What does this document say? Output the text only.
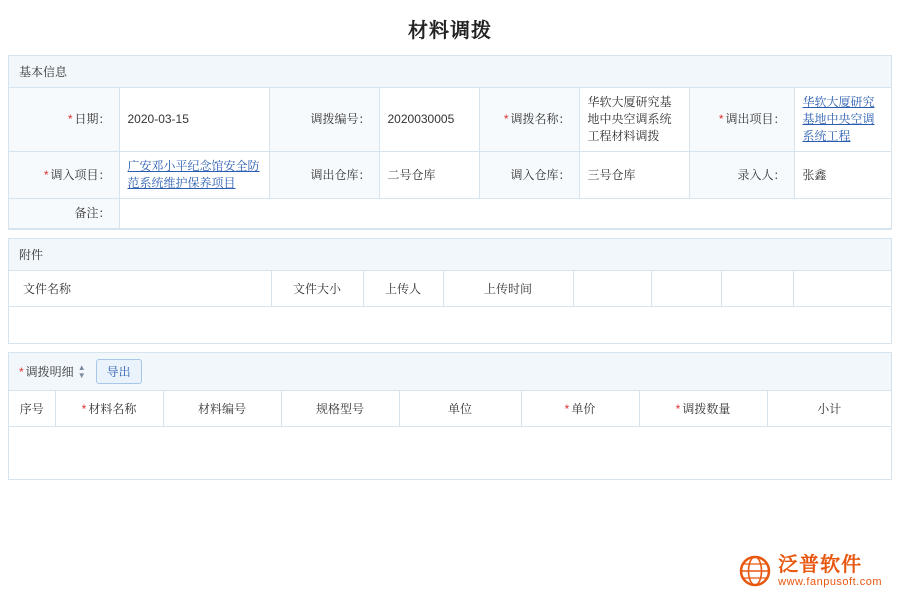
材料调拨
基本信息
* 日期：	2020-03-15	调拨编号：	2020030005	* 调拨名称：	华软大厦研究基地中央空调系统工程材料调拨	* 调出项目：	华软大厦研究基地中央空调系统工程
* 调入项目：	广安邓小平纪念馆安全防范系统维护保养项目	调出仓库：	二号仓库	调入仓库：	三号仓库	录入人：	张鑫
备注：							
附件
文件名称	文件大小	上传人	上传时间				
* 调拨明细 ▲
▼	导出
序号	* 材料名称	材料编号	规格型号	单位	* 单价	* 调拨数量	小计
泛普软件
www.fanpusoft.com
